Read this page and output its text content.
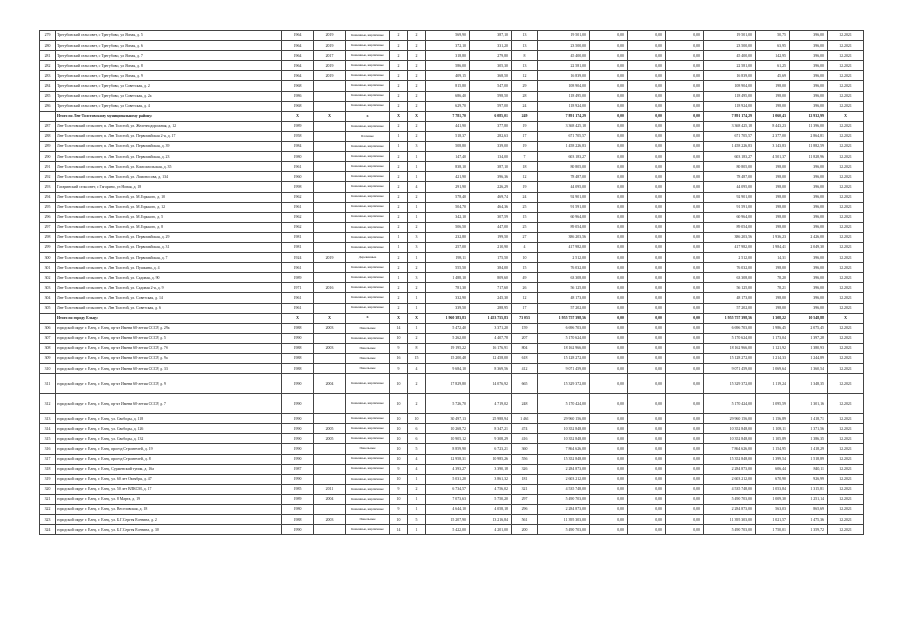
279	Трегубовский сельсовет, с Трегубово, ул Ясная, д. 5	1964	2019	Каменные, кирпичные	2	2	569,90	387,10	13	19 501,00	0,00	0,00	0,00	19 501,00	50,75	396,00	12.2021
280	Трегубовский сельсовет, с Трегубово, ул Ясная, д. 6	1964	2019	Каменные, кирпичные	2	2	372,10	331,20	13	23 500,00	0,00	0,00	0,00	23 500,00	63,95	396,00	12.2021
281	Трегубовский сельсовет, с Трегубово, ул Ясная, д. 7	1964	2017	Каменные, кирпичные	2	2	318,80	279,80	8	45 400,00	0,00	0,00	0,00	45 400,00	142,95	396,00	12.2021
282	Трегубовский сельсовет, с Трегубово, ул Ясная, д. 8	1964	2019	Каменные, кирпичные	2	2	586,00	305,30	13	22 581,00	0,00	0,00	0,00	22 581,00	61,25	396,00	12.2021
283	Трегубовский сельсовет, с Трегубово, ул Ясная, д. 9	1964	2019	Каменные, кирпичные	2	2	409,15	368,50	12	16 839,00	0,00	0,00	0,00	16 839,00	45,69	396,00	12.2021
284	Трегубовский сельсовет, с Трегубово, ул Советская, д. 2	1968		Каменные, кирпичные	2	2	815,80	547,00	29	108 904,00	0,00	0,00	0,00	108 904,00	198,00	396,00	12.2021
285	Трегубовский сельсовет, с Трегубово, ул Советская, д. 2а	1986		Каменные, кирпичные	2	2	686,40	598,50	28	118 495,00	0,00	0,00	0,00	118 495,00	198,00	396,00	12.2021
286	Трегубовский сельсовет, с Трегубово, ул Советская, д. 4	1968		Каменные, кирпичные	2	2	629,70	597,00	24	118 924,00	0,00	0,00	0,00	118 924,00	198,00	396,00	12.2021
	Итого по Лев-Толстовскому муниципальному району:	X	X	X	X	X	7 781,70	6 085,01	249	7 891 174,29	0,00	0,00	0,00	7 891 174,29	1 060,43	12 932,99	X
287	Лев-Толстовский сельсовет, п. Лев Толстой, ул. Железнодорожная, д. 12	1989		Каменные, кирпичные	2	2	441,90	377,80	19	3 368 425,18	0,00	0,00	0,00	3 368 425,18	8 443,23	11 396,00	12.2021
288	Лев-Толстовский сельсовет, п. Лев Толстой, ул. Первомайская 2-я, д. 17	1958		Блочные	1	2	518,37	282,63	17	671 705,57	0,00	0,00	0,00	671 705,57	2 377,00	2 864,81	12.2021
289	Лев-Толстовский сельсовет, п. Лев Толстой, ул. Первомайская, д. 39	1984		Каменные, кирпичные	1	3	508,80	339,00	19	1 458 226,83	0,00	0,00	0,00	1 458 226,83	3 143,83	11 882,59	12.2021
290	Лев-Толстовский сельсовет, п. Лев Толстой, ул. Первомайская, д. 23	1980		Каменные, кирпичные	2	1	147,40	134,00	7	603 183,27	0,00	0,00	0,00	603 183,27	4 501,37	11 828,96	12.2021
291	Лев-Толстовский сельсовет, п. Лев Толстой, ул. Комсомольская, д. 35	1961		Каменные, кирпичные	2	1	838,10	387,10	18	80 805,00	0,00	0,00	0,00	80 805,00	198,00	396,00	12.2021
292	Лев-Толстовский сельсовет, п. Лев Толстой, ул. Ломоносова, д. 134	1960		Каменные, кирпичные	2	1	421,90	396,36	12	78 487,00	0,00	0,00	0,00	78 487,00	198,00	396,00	12.2021
293	Гагаринский сельсовет, с Гагарино, ул Новая, д. 18	1998		Каменные, кирпичные	2	4	291,90	226,29	19	44 095,00	0,00	0,00	0,00	44 095,00	198,00	396,00	12.2021
294	Лев-Толстовский сельсовет, п. Лев Толстой, ул. М.Горького, д. 10	1962		Каменные, кирпичные	2	2	578,40	469,74	24	92 901,00	0,00	0,00	0,00	92 901,00	198,00	396,00	12.2021
295	Лев-Толстовский сельсовет, п. Лев Толстой, ул. М.Горького, д. 12	1961		Каменные, кирпичные	2	1	504,70	464,36	25	91 591,00	0,00	0,00	0,00	91 591,00	198,00	396,00	12.2021
296	Лев-Толстовский сельсовет, п. Лев Толстой, ул. М.Горького, д. 5	1962		Каменные, кирпичные	2	1	342,10	307,59	15	60 964,00	0,00	0,00	0,00	60 964,00	198,00	396,00	12.2021
297	Лев-Толстовский сельсовет, п. Лев Толстой, ул. М.Горького, д. 8	1962		Каменные, кирпичные	2	2	506,50	447,00	25	89 054,00	0,00	0,00	0,00	89 054,00	198,00	396,00	12.2021
298	Лев-Толстовский сельсовет, п. Лев Толстой, ул. Первомайская, д. 29	1981		Каменные, кирпичные	1	3	232,80	199,50	27	386 203,56	0,00	0,00	0,00	386 203,56	1 936,23	2 426,00	12.2021
299	Лев-Толстовский сельсовет, п. Лев Толстой, ул. Первомайская, д. 31	1981		Каменные, кирпичные	1	3	257,00	210,90	4	417 982,00	0,00	0,00	0,00	417 982,00	1 984,41	2 049,30	12.2021
300	Лев-Толстовский сельсовет, п. Лев Толстой, ул. Первомайская, д. 7	1924	2019	Деревянные	2	1	198,11	175,50	10	2 512,00	0,00	0,00	0,00	2 512,00	14,31	396,00	12.2021
301	Лев-Толстовский сельсовет, п. Лев Толстой, ул. Пушкина, д. 4	1961		Каменные, кирпичные	2	2	555,50	384,00	15	76 032,00	0,00	0,00	0,00	76 032,00	198,00	396,00	12.2021
302	Лев-Толстовский сельсовет, п. Лев Толстой, ул. Садовая, д. 90	1989		Каменные, кирпичные	1	3	1 488,10	809,60	49	63 308,00	0,00	0,00	0,00	63 308,00	78,20	396,00	12.2021
303	Лев-Толстовский сельсовет, п. Лев Толстой, ул. Садовая 2-я, д. 9	1971	2016	Каменные, кирпичные	2	2	781,30	717,60	26	56 125,00	0,00	0,00	0,00	56 125,00	78,21	396,00	12.2021
304	Лев-Толстовский сельсовет, п. Лев Толстой, ул. Советская, д. 14	1961		Каменные, кирпичные	2	1	332,90	245,30	12	48 173,00	0,00	0,00	0,00	48 173,00	198,00	396,00	12.2021
305	Лев-Толстовский сельсовет, п. Лев Толстой, ул. Советская, д. 6	1961		Каменные, кирпичные	2	1	339,50	288,95	17	57 202,00	0,00	0,00	0,00	57 202,00	198,00	396,00	12.2021
	Итого по городу Ельцу:	X	X	X	X	X	1 960 383,83	1 453 755,83	73 053	1 955 757 398,56	0,00	0,00	0,00	1 955 757 398,56	1 308,22	10 548,88	X
306	городской округ г. Елец, г. Елец, пр-кт Имени 60-летия СССР, д. 29а	1988	2003	Панельные	14	1	5 472,40	3 371,20	159	6 696 703,00	0,00	0,00	0,00	6 696 703,00	1 986,45	2 075,45	12.2021
307	городской округ г. Елец, г. Елец, пр-кт Имени 60-летия СССР, д. 5	1990		Каменные, кирпичные	10	2	5 262,00	4 407,78	207	5 170 624,00	0,00	0,00	0,00	5 170 624,00	1 173,04	1 397,28	12.2021
308	городской округ г. Елец, г. Елец, пр-кт Имени 60-летия СССР, д. 7б	1988	2003	Панельные	9	8	19 195,22	16 176,91	804	18 162 966,00	0,00	0,00	0,00	18 162 966,00	1 121,92	1 380,93	12.2021
309	городской округ г. Елец, г. Елец, пр-кт Имени 60-летия СССР, д. 9а	1988		Панельные	16	15	15 200,48	12 458,00	618	15 128 272,00	0,00	0,00	0,00	15 128 272,00	1 214,33	1 244,89	12.2021
310	городской округ г. Елец, г. Елец, пр-кт Имени 60-летия СССР, д. 33	1988		Панельные	9	4	9 684,10	8 369,56	412	9 071 459,00	0,00	0,00	0,00	9 071 459,00	1 069,64	1 360,54	12.2021
311	городской округ г. Елец, г. Елец, пр-кт Имени 60-летия СССР, д. 9	1990	2004	Каменные, кирпичные	10	2	17 829,80	14 076,92	665	15 329 372,00	0,00	0,00	0,00	15 329 372,00	1 119,24	1 348,35	12.2021
312	городской округ г. Елец, г. Елец, пр-кт Имени 60-летия СССР, д. 7	1990		Каменные, кирпичные	10	2	5 726,70	4 719,02	248	5 170 424,00	0,00	0,00	0,00	5 170 424,00	1 095,59	1 301,16	12.2021
313	городской округ г. Елец, г. Елец, ул. Свободы, д. 118	1990		Каменные, кирпичные	10	10	30 497,13	25 988,94	1 461	29 960 156,00	0,00	0,00	0,00	29 960 156,00	1 156,89	1 418,71	12.2021
314	городской округ г. Елец, г. Елец, ул. Свободы, д. 126	1990	2005	Каменные, кирпичные	10	6	10 268,72	8 347,21	474	10 352 848,00	0,00	0,00	0,00	10 352 848,00	1 108,11	1 371,56	12.2021
315	городской округ г. Елец, г. Елец, ул. Свободы, д. 132	1990	2005	Каменные, кирпичные	10	6	10 905,12	9 308,29	416	10 352 848,00	0,00	0,00	0,00	10 352 848,00	1 105,89	1 386,35	12.2021
316	городской округ г. Елец, г. Елец, проезд Строителей, д. 19	1990		Панельные	10	5	8 859,90	6 723,21	360	7 864 626,00	0,00	0,00	0,00	7 864 626,00	1 154,95	1 418,29	12.2021
317	городской округ г. Елец, г. Елец, проезд Строителей, д. 8	1990		Каменные, кирпичные	10	4	12 958,31	10 985,26	556	15 352 848,00	0,00	0,00	0,00	15 352 848,00	1 399,54	1 518,89	12.2021
318	городской округ г. Елец, г. Елец, Сурженский тупик, д. 16а	1987		Каменные, кирпичные	9	4	4 393,27	3 390,18	326	2 284 873,00	0,00	0,00	0,00	2 284 873,00	606,44	840,11	12.2021
319	городской округ г. Елец, г. Елец, ул. 60 лет Октября, д. 47	1990		Каменные, кирпичные	10	1	5 031,20	3 861,32	181	2 603 212,00	0,00	0,00	0,00	2 603 212,00	670,90	926,99	12.2021
320	городской округ г. Елец, г. Елец, ул. 50 лет ВЛКСМ, д. 17	1985	2011	Каменные, кирпичные	9	2	6 734,57	4 756,02	321	4 535 748,00	0,00	0,00	0,00	4 535 748,00	1 053,84	1 315,81	12.2021
321	городской округ г. Елец, г. Елец, ул. 8 Марта, д. 19	1989	2004	Каменные, кирпичные	10	1	7 073,63	5 750,20	297	5 490 703,00	0,00	0,00	0,00	5 490 703,00	1 009,30	1 251,14	12.2021
322	городской округ г. Елец, г. Елец, ул. Веселовская, д. 18	1980		Каменные, кирпичные	9	1	4 644,10	4 058,18	296	2 284 873,00	0,00	0,00	0,00	2 284 873,00	563,03	865,69	12.2021
323	городской округ г. Елец, г. Елец, ул. Б.Г.Сергея Есенина, д. 2	1988	2003	Панельные	10	5	15 207,90	13 216,84	561	11 395 303,00	0,00	0,00	0,00	11 395 303,00	1 021,57	1 475,36	12.2021
324	городской округ г. Елец, г. Елец, ул. Б.Г.Сергея Есенина, д. 30	1990		Каменные, кирпичные	14	1	5 422,00	4 201,00	200	5 490 703,00	0,00	0,00	0,00	5 490 703,00	1 750,01	1 359,72	12.2021
